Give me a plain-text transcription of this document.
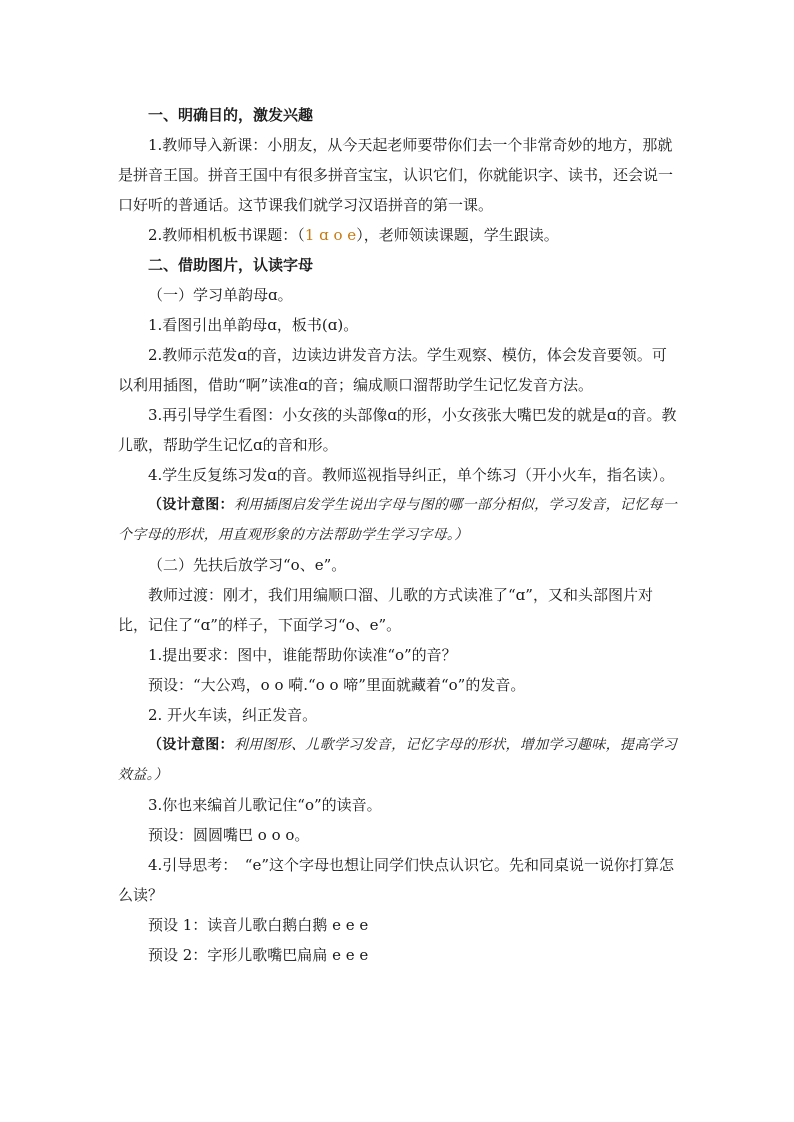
一、明确目的，激发兴趣

1.教师导入新课：小朋友，从今天起老师要带你们去一个非常奇妙的地方，那就是拼音王国。拼音王国中有很多拼音宝宝，认识它们，你就能识字、读书，还会说一口好听的普通话。这节课我们就学习汉语拼音的第一课。

2.教师相机板书课题：（1 ɑ o e），老师领读课题，学生跟读。

二、借助图片，认读字母

（一）学习单韵母ɑ。

1.看图引出单韵母ɑ，板书(ɑ)。

2.教师示范发ɑ的音，边读边讲发音方法。学生观察、模仿，体会发音要领。可以利用插图，借助“啊”读准ɑ的音；编成顺口溜帮助学生记忆发音方法。

3.再引导学生看图：小女孩的头部像ɑ的形，小女孩张大嘴巴发的就是ɑ的音。教儿歌，帮助学生记忆ɑ的音和形。

4.学生反复练习发ɑ的音。教师巡视指导纠正，单个练习（开小火车，指名读）。

（设计意图：利用插图启发学生说出字母与图的哪一部分相似，学习发音，记忆每一个字母的形状，用直观形象的方法帮助学生学习字母。）

（二）先扶后放学习“o、e”。

教师过渡：刚才，我们用编顺口溜、儿歌的方式读准了“ɑ”，又和头部图片对比，记住了“ɑ”的样子，下面学习“o、e”。

1.提出要求：图中，谁能帮助你读准“o”的音？

预设：“大公鸡，o o 嗬.“o o 啼”里面就藏着“o”的发音。

2. 开火车读，纠正发音。

（设计意图：利用图形、儿歌学习发音，记忆字母的形状，增加学习趣味，提高学习效益。）

3.你也来编首儿歌记住“o”的读音。

预设：圆圆嘴巴 o o o。

4.引导思考：　“e”这个字母也想让同学们快点认识它。先和同桌说一说你打算怎么读？

预设 1：读音儿歌白鹅白鹅 e e e

预设 2：字形儿歌嘴巴扁扁 e e e
